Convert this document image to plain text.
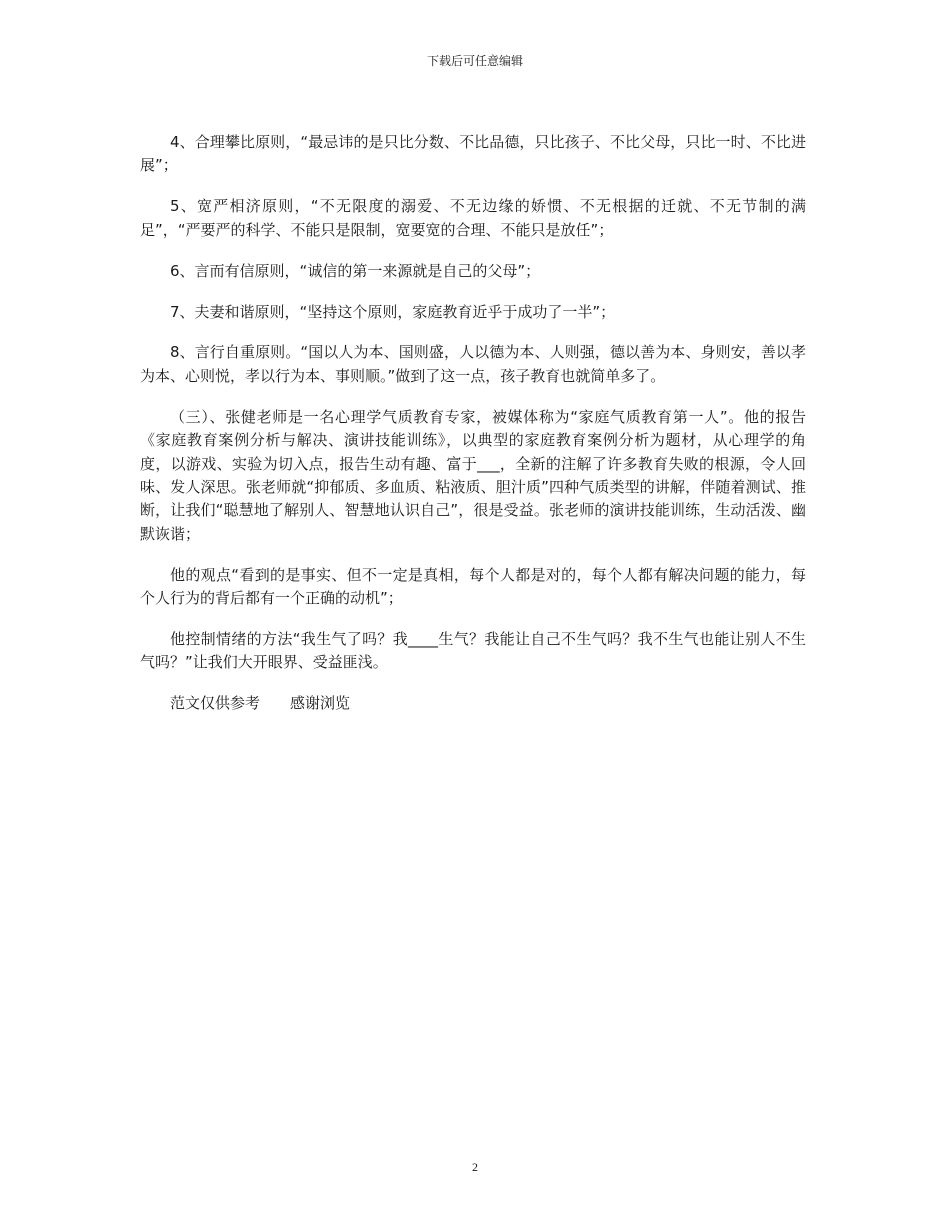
下载后可任意编辑

4、合理攀比原则，“最忌讳的是只比分数、不比品德，只比孩子、不比父母，只比一时、不比进展”；

5、宽严相济原则，“不无限度的溺爱、不无边缘的娇惯、不无根据的迁就、不无节制的满足”，“严要严的科学、不能只是限制，宽要宽的合理、不能只是放任”；

6、言而有信原则，“诚信的第一来源就是自己的父母”；

7、夫妻和谐原则，“坚持这个原则，家庭教育近乎于成功了一半”；

8、言行自重原则。“国以人为本、国则盛，人以德为本、人则强，德以善为本、身则安，善以孝为本、心则悦，孝以行为本、事则顺。”做到了这一点，孩子教育也就简单多了。

（三）、张健老师是一名心理学气质教育专家，被媒体称为“家庭气质教育第一人”。他的报告《家庭教育案例分析与解决、演讲技能训练》，以典型的家庭教育案例分析为题材，从心理学的角度，以游戏、实验为切入点，报告生动有趣、富于___，全新的注解了许多教育失败的根源，令人回味、发人深思。张老师就“抑郁质、多血质、粘液质、胆汁质”四种气质类型的讲解，伴随着测试、推断，让我们“聪慧地了解别人、智慧地认识自己”，很是受益。张老师的演讲技能训练，生动活泼、幽默诙谐；

他的观点“看到的是事实、但不一定是真相，每个人都是对的，每个人都有解决问题的能力，每个人行为的背后都有一个正确的动机”；

他控制情绪的方法“我生气了吗？我____生气？我能让自己不生气吗？我不生气也能让别人不生气吗？”让我们大开眼界、受益匪浅。

范文仅供参考 感谢浏览

2
